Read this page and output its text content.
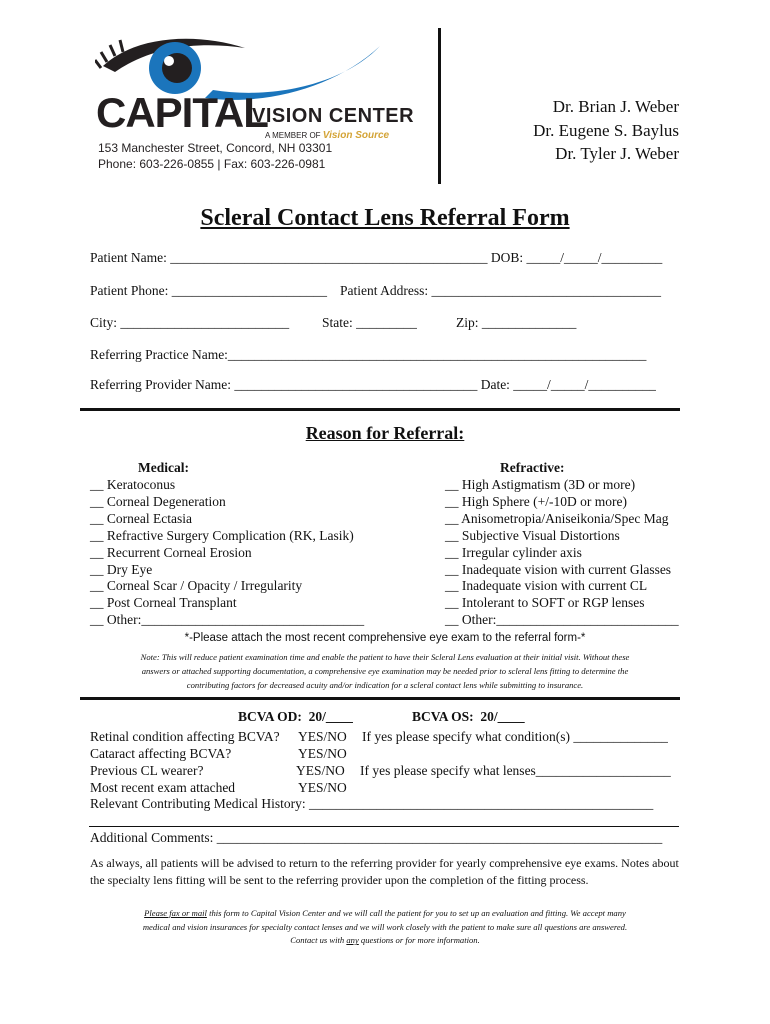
CAPITAL
VISION CENTER
A MEMBER OF Vision Source
153 Manchester Street, Concord, NH 03301
Phone: 603-226-0855 | Fax: 603-226-0981
Dr. Brian J. Weber
Dr. Eugene S. Baylus
Dr. Tyler J. Weber
Scleral Contact Lens Referral Form
Patient Name: _______________________________________________ DOB: _____/_____/_________
Patient Phone: _______________________ Patient Address: __________________________________
City: _________________________ State: _________	Zip: ______________
Referring Practice Name:______________________________________________________________
Referring Provider Name: ____________________________________ Date: _____/_____/__________
Reason for Referral:
Medical:	Refractive:
__ Keratoconus
__ Corneal Degeneration
__ Corneal Ectasia
__ Refractive Surgery Complication (RK, Lasik)
__ Recurrent Corneal Erosion
__ Dry Eye
__ Corneal Scar / Opacity / Irregularity
__ Post Corneal Transplant
__ Other:_________________________________
__ High Astigmatism (3D or more)
__ High Sphere (+/-10D or more)
__ Anisometropia/Aniseikonia/Spec Mag
__ Subjective Visual Distortions
__ Irregular cylinder axis
__ Inadequate vision with current Glasses
__ Inadequate vision with current CL
__ Intolerant to SOFT or RGP lenses
__ Other:___________________________
*-Please attach the most recent comprehensive eye exam to the referral form-*
Note: This will reduce patient examination time and enable the patient to have their Scleral Lens evaluation at their initial visit. Without these
answers or attached supporting documentation, a comprehensive eye examination may be needed prior to scleral lens fitting to determine the
contributing factors for decreased acuity and/or indication for a scleral contact lens while submitting to insurance.
BCVA OD:  20/____	BCVA OS:  20/____
Retinal condition affecting BCVA? YES/NO If yes please specify what condition(s) ______________
Cataract affecting BCVA?	YES/NO
Previous CL wearer?	YES/NO If yes please specify what lenses____________________
Most recent exam attached	YES/NO
Relevant Contributing Medical History: ___________________________________________________
Additional Comments: __________________________________________________________________
As always, all patients will be advised to return to the referring provider for yearly comprehensive eye exams. Notes about the specialty lens fitting will be sent to the referring provider upon the completion of the fitting process.
Please fax or mail this form to Capital Vision Center and we will call the patient for you to set up an evaluation and fitting. We accept many
medical and vision insurances for specialty contact lenses and we will work closely with the patient to make sure all questions are answered.
Contact us with any questions or for more information.
